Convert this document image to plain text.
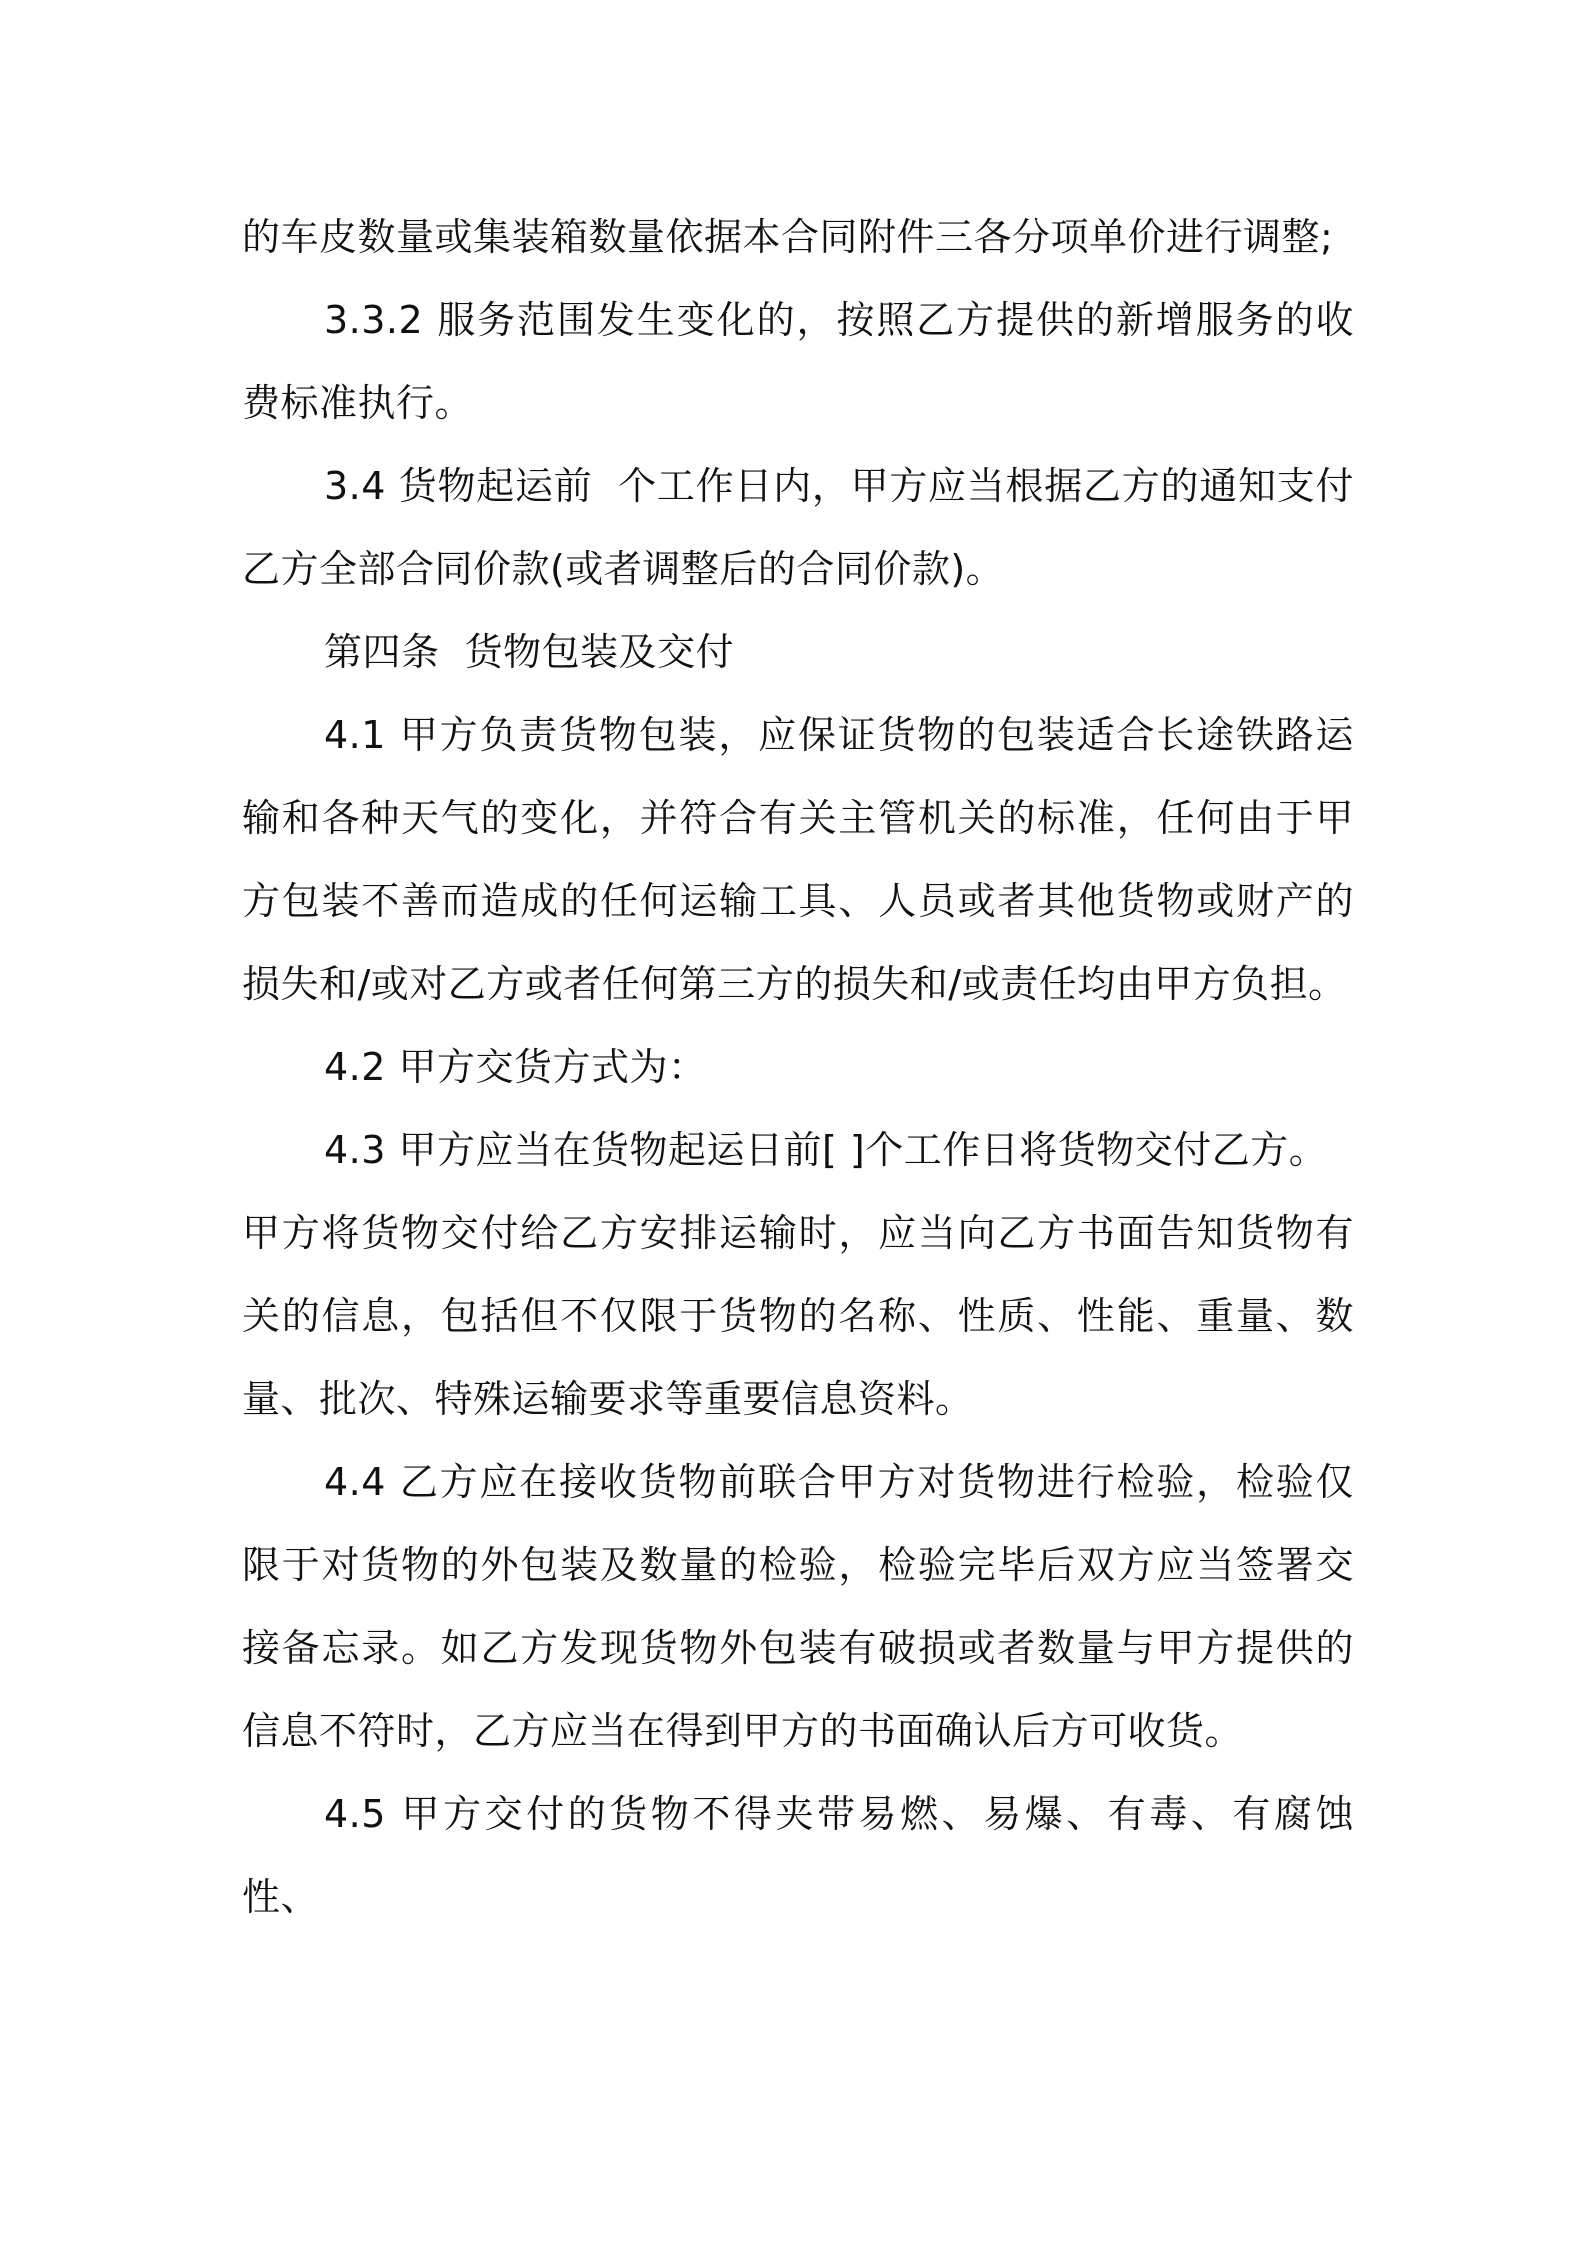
的车皮数量或集装箱数量依据本合同附件三各分项单价进行调整;

3.3.2 服务范围发生变化的，按照乙方提供的新增服务的收费标准执行。

3.4 货物起运前  个工作日内，甲方应当根据乙方的通知支付乙方全部合同价款(或者调整后的合同价款)。

第四条  货物包装及交付

4.1 甲方负责货物包装，应保证货物的包装适合长途铁路运输和各种天气的变化，并符合有关主管机关的标准，任何由于甲方包装不善而造成的任何运输工具、人员或者其他货物或财产的损失和/或对乙方或者任何第三方的损失和/或责任均由甲方负担。

4.2 甲方交货方式为：

4.3 甲方应当在货物起运日前[ ]个工作日将货物交付乙方。

甲方将货物交付给乙方安排运输时，应当向乙方书面告知货物有关的信息，包括但不仅限于货物的名称、性质、性能、重量、数量、批次、特殊运输要求等重要信息资料。

4.4 乙方应在接收货物前联合甲方对货物进行检验，检验仅限于对货物的外包装及数量的检验，检验完毕后双方应当签署交接备忘录。如乙方发现货物外包装有破损或者数量与甲方提供的信息不符时，乙方应当在得到甲方的书面确认后方可收货。

4.5 甲方交付的货物不得夹带易燃、易爆、有毒、有腐蚀性、
